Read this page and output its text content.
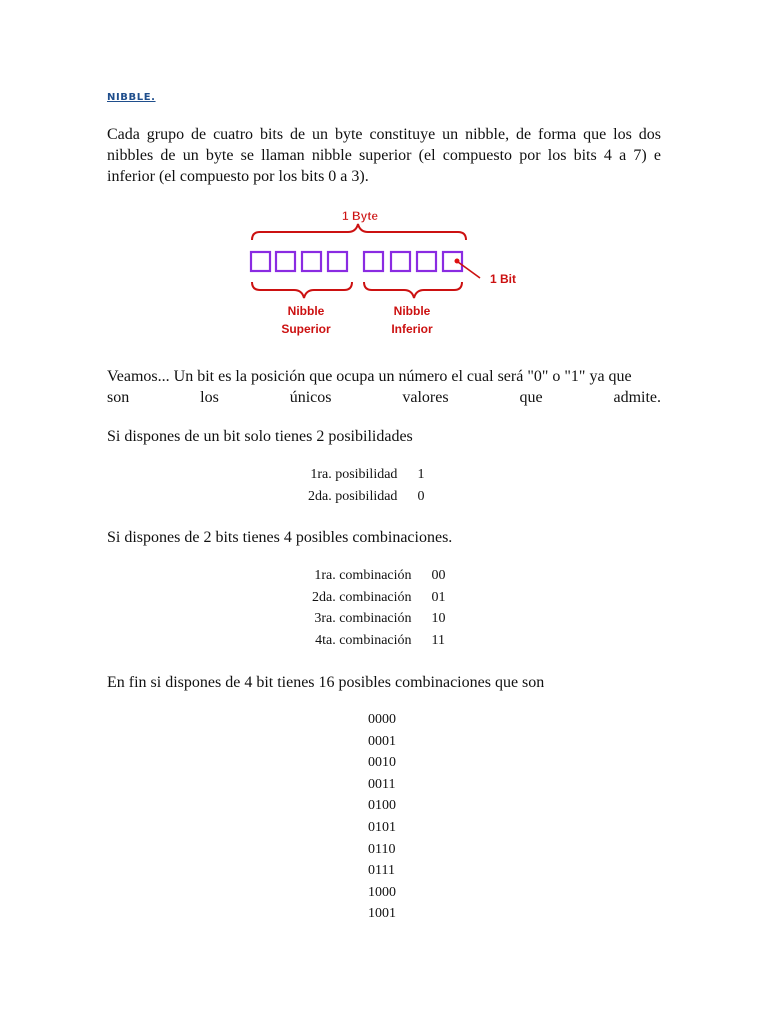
NIBBLE.

Cada grupo de cuatro bits de un byte constituye un nibble, de forma que los dos nibbles de un byte se llaman nibble superior (el compuesto por los bits 4 a 7) e inferior (el compuesto por los bits 0 a 3).

1 Byte
1 Bit
Nibble
Superior
Nibble
Inferior

Veamos... Un bit es la posición que ocupa un número el cual será "0" o "1" ya que
son los únicos valores que admite.

Si dispones de un bit solo tienes 2 posibilidades

1ra. posibilidad	1
2da. posibilidad	0

Si dispones de 2 bits tienes 4 posibles combinaciones.

1ra. combinación	00
2da. combinación	01
3ra. combinación	10
4ta. combinación	11

En fin si dispones de 4 bit tienes 16 posibles combinaciones que son

0000
0001
0010
0011
0100
0101
0110
0111
1000
1001
